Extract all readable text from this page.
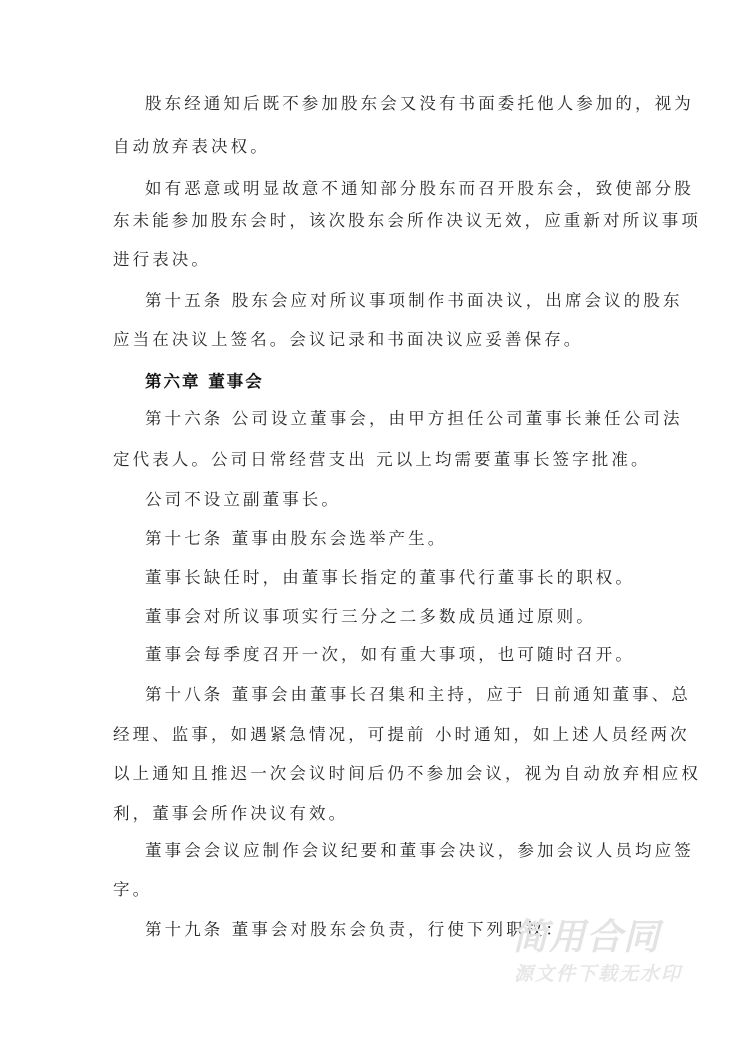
股东经通知后既不参加股东会又没有书面委托他人参加的，视为
自动放弃表决权。
如有恶意或明显故意不通知部分股东而召开股东会，致使部分股
东未能参加股东会时，该次股东会所作决议无效，应重新对所议事项
进行表决。
第十五条 股东会应对所议事项制作书面决议，出席会议的股东
应当在决议上签名。会议记录和书面决议应妥善保存。
第六章 董事会
第十六条 公司设立董事会，由甲方担任公司董事长兼任公司法
定代表人。公司日常经营支出 元以上均需要董事长签字批准。
公司不设立副董事长。
第十七条 董事由股东会选举产生。
董事长缺任时，由董事长指定的董事代行董事长的职权。
董事会对所议事项实行三分之二多数成员通过原则。
董事会每季度召开一次，如有重大事项，也可随时召开。
第十八条 董事会由董事长召集和主持，应于 日前通知董事、总
经理、监事，如遇紧急情况，可提前 小时通知，如上述人员经两次
以上通知且推迟一次会议时间后仍不参加会议，视为自动放弃相应权
利，董事会所作决议有效。
董事会会议应制作会议纪要和董事会决议，参加会议人员均应签
字。
第十九条 董事会对股东会负责，行使下列职权：
简用合同
源文件下载无水印
